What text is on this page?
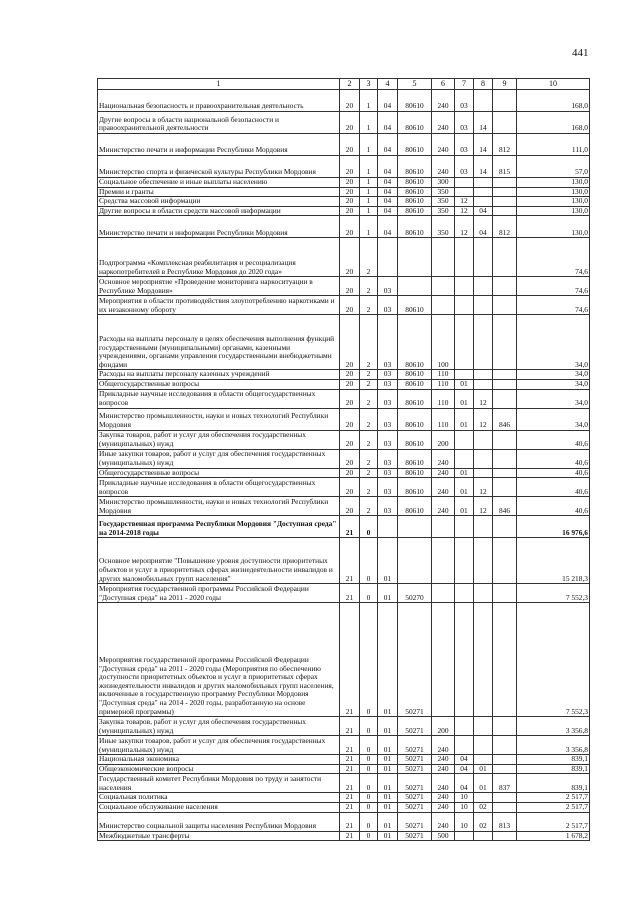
441
1	2	3	4	5	6	7	8	9	10
Национальная безопасность и правоохранительная деятельность	20	1	04	80610	240	03			168,0
Другие вопросы в области национальной безопасности и правоохранительной деятельности	20	1	04	80610	240	03	14		168,0
Министерство печати и информации Республики Мордовия	20	1	04	80610	240	03	14	812	111,0
Министерство спорта и физической культуры Республики Мордовия	20	1	04	80610	240	03	14	815	57,0
Социальное обеспечение и иные выплаты населению	20	1	04	80610	300				130,0
Премии и гранты	20	1	04	80610	350				130,0
Средства массовой информации	20	1	04	80610	350	12			130,0
Другие вопросы в области средств массовой информации	20	1	04	80610	350	12	04		130,0
Министерство печати и информации Республики Мордовия	20	1	04	80610	350	12	04	812	130,0
Подпрограмма «Комплексная реабилитация и ресоциализация наркопотребителей в Республике Мордовия до 2020 года»	20	2							74,6
Основное мероприятие «Проведение мониторинга наркоситуации в Республике Мордовия»	20	2	03						74,6
Мероприятия в области противодействия злоупотреблению наркотиками и их незаконному обороту	20	2	03	80610					74,6
Расходы на выплаты персоналу в целях обеспечения выполнения функций государственными (муниципальными) органами, казенными учреждениями, органами управления государственными внебюджетными фондами	20	2	03	80610	100				34,0
Расходы на выплаты персоналу казенных учреждений	20	2	03	80610	110				34,0
Общегосударственные вопросы	20	2	03	80610	110	01			34,0
Прикладные научные исследования в области общегосударственных вопросов	20	2	03	80610	110	01	12		34,0
Министерство промышленности, науки и новых технологий Республики Мордовия	20	2	03	80610	110	01	12	846	34,0
Закупка товаров, работ и услуг для обеспечения государственных (муниципальных) нужд	20	2	03	80610	200				40,6
Иные закупки товаров, работ и услуг для обеспечения государственных (муниципальных) нужд	20	2	03	80610	240				40,6
Общегосударственные вопросы	20	2	03	80610	240	01			40,6
Прикладные научные исследования в области общегосударственных вопросов	20	2	03	80610	240	01	12		40,6
Министерство промышленности, науки и новых технологий Республики Мордовия	20	2	03	80610	240	01	12	846	40,6
Государственная программа Республики Мордовия "Доступная среда" на 2014-2018 годы	21	0							16 976,6
Основное мероприятие "Повышение уровня доступности приоритетных объектов и услуг в приоритетных сферах жизнедеятельности инвалидов и других маломобильных групп населения"	21	0	01						15 218,3
Мероприятия государственной программы Российской Федерации "Доступная среда" на 2011 - 2020 годы	21	0	01	50270					7 552,3
Мероприятия государственной программы Российской Федерации "Доступная среда" на 2011 - 2020 годы (Мероприятия по обеспечению доступности приоритетных объектов и услуг в приоритетных сферах жизнедеятельности инвалидов и других маломобильных групп населения, включенные в государственную программу Республики Мордовия "Доступная среда" на 2014 - 2020 годы, разработанную на основе примерной программы)	21	0	01	50271					7 552,3
Закупка товаров, работ и услуг для обеспечения государственных (муниципальных) нужд	21	0	01	50271	200				3 356,8
Иные закупки товаров, работ и услуг для обеспечения государственных (муниципальных) нужд	21	0	01	50271	240				3 356,8
Национальная экономика	21	0	01	50271	240	04			839,1
Общеэкономические вопросы	21	0	01	50271	240	04	01		839,1
Государственный комитет Республики Мордовия по труду и занятости населения	21	0	01	50271	240	04	01	837	839,1
Социальная политика	21	0	01	50271	240	10			2 517,7
Социальное обслуживание населения	21	0	01	50271	240	10	02		2 517,7
Министерство социальной защиты населения Республики Мордовия	21	0	01	50271	240	10	02	813	2 517,7
Межбюджетные трансферты	21	0	01	50271	500				1 678,2
